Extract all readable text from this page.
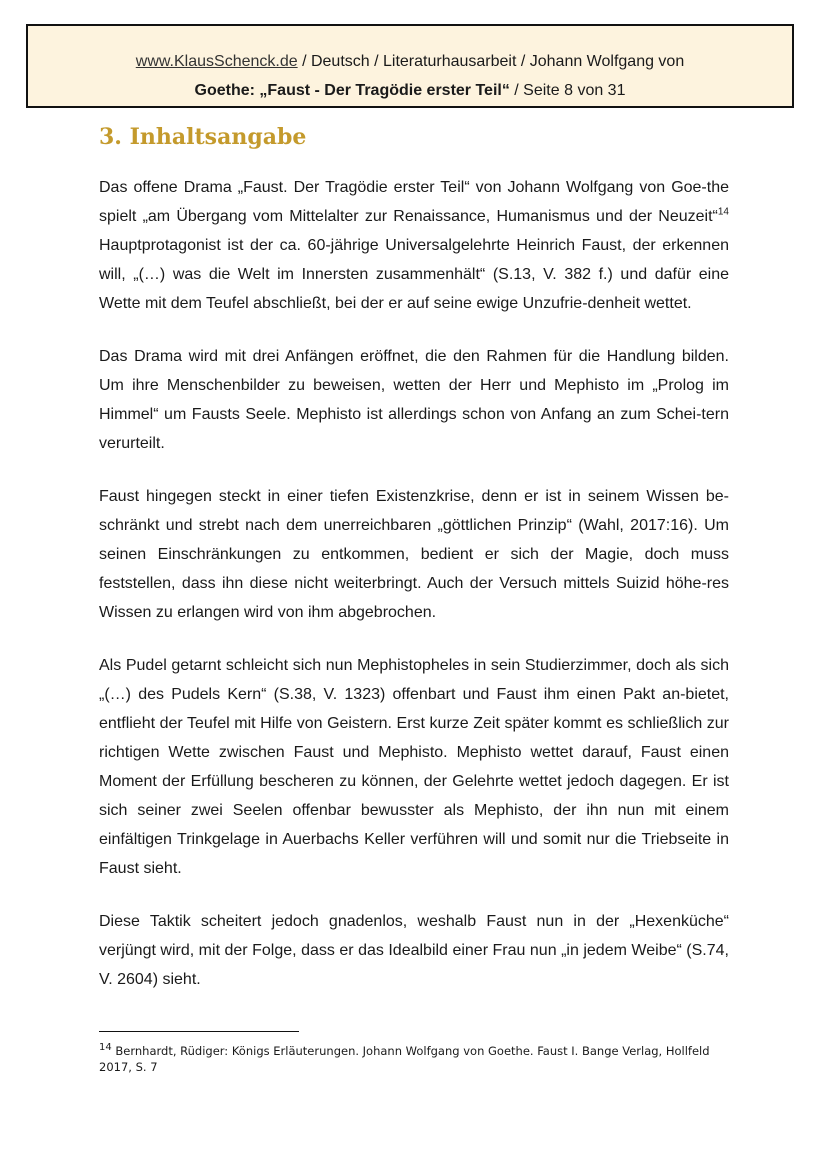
www.KlausSchenck.de / Deutsch / Literaturhausarbeit / Johann Wolfgang von
Goethe: „Faust - Der Tragödie erster Teil“ / Seite 8 von 31
3. Inhaltsangabe

Das offene Drama „Faust. Der Tragödie erster Teil“ von Johann Wolfgang von Goe-the spielt „am Übergang vom Mittelalter zur Renaissance, Humanismus und der Neuzeit“$^{14}$ Hauptprotagonist ist der ca. 60-jährige Universalgelehrte Heinrich Faust, der erkennen will, „(…) was die Welt im Innersten zusammenhält“ (S.13, V. 382 f.) und dafür eine Wette mit dem Teufel abschließt, bei der er auf seine ewige Unzufrie-denheit wettet.

Das Drama wird mit drei Anfängen eröffnet, die den Rahmen für die Handlung bilden. Um ihre Menschenbilder zu beweisen, wetten der Herr und Mephisto im „Prolog im Himmel“ um Fausts Seele. Mephisto ist allerdings schon von Anfang an zum Schei-tern verurteilt.

Faust hingegen steckt in einer tiefen Existenzkrise, denn er ist in seinem Wissen be-schränkt und strebt nach dem unerreichbaren „göttlichen Prinzip“ (Wahl, 2017:16). Um seinen Einschränkungen zu entkommen, bedient er sich der Magie, doch muss feststellen, dass ihn diese nicht weiterbringt. Auch der Versuch mittels Suizid höhe-res Wissen zu erlangen wird von ihm abgebrochen.

Als Pudel getarnt schleicht sich nun Mephistopheles in sein Studierzimmer, doch als sich „(…) des Pudels Kern“ (S.38, V. 1323) offenbart und Faust ihm einen Pakt an-bietet, entflieht der Teufel mit Hilfe von Geistern. Erst kurze Zeit später kommt es schließlich zur richtigen Wette zwischen Faust und Mephisto. Mephisto wettet darauf, Faust einen Moment der Erfüllung bescheren zu können, der Gelehrte wettet jedoch dagegen. Er ist sich seiner zwei Seelen offenbar bewusster als Mephisto, der ihn nun mit einem einfältigen Trinkgelage in Auerbachs Keller verführen will und somit nur die Triebseite in Faust sieht.

Diese Taktik scheitert jedoch gnadenlos, weshalb Faust nun in der „Hexenküche“ verjüngt wird, mit der Folge, dass er das Idealbild einer Frau nun „in jedem Weibe“ (S.74, V. 2604) sieht.

$^{14}$ Bernhardt, Rüdiger: Königs Erläuterungen. Johann Wolfgang von Goethe. Faust I. Bange Verlag, Hollfeld 2017, S. 7
